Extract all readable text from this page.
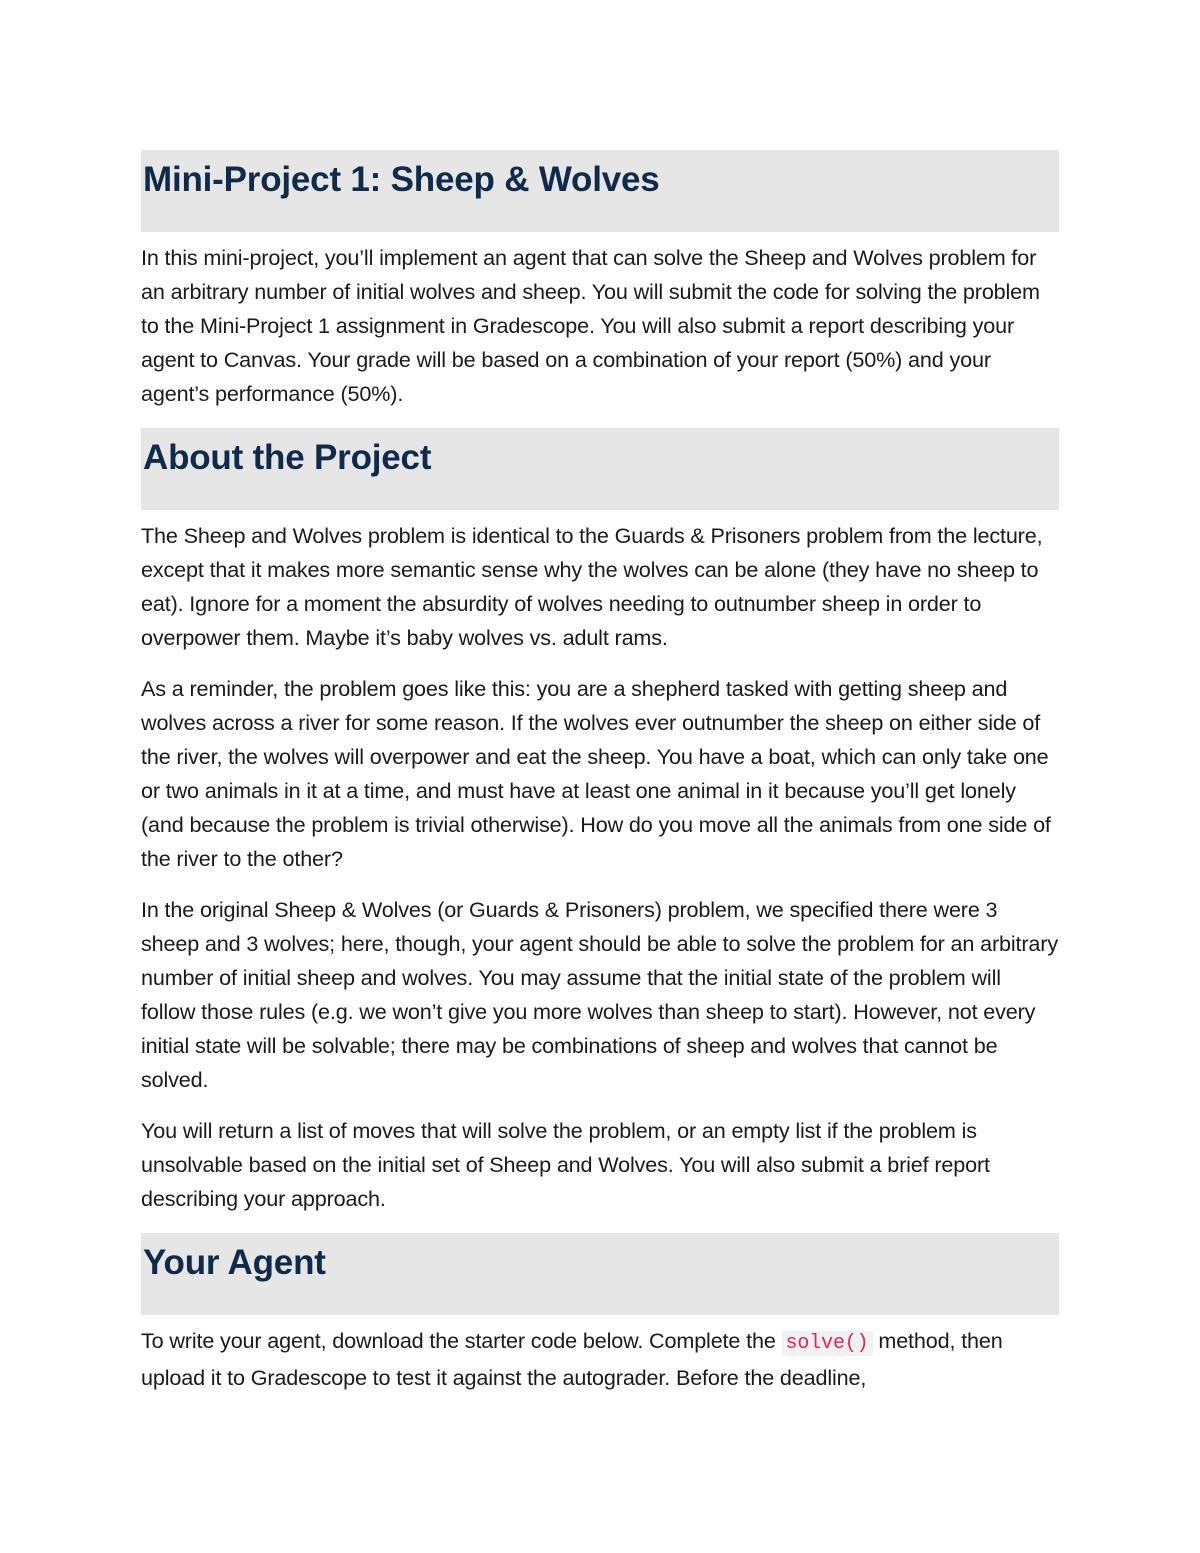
Mini-Project 1: Sheep & Wolves

In this mini-project, you’ll implement an agent that can solve the Sheep and Wolves problem for an arbitrary number of initial wolves and sheep. You will submit the code for solving the problem to the Mini-Project 1 assignment in Gradescope. You will also submit a report describing your agent to Canvas. Your grade will be based on a combination of your report (50%) and your agent’s performance (50%).

About the Project

The Sheep and Wolves problem is identical to the Guards & Prisoners problem from the lecture, except that it makes more semantic sense why the wolves can be alone (they have no sheep to eat). Ignore for a moment the absurdity of wolves needing to outnumber sheep in order to overpower them. Maybe it’s baby wolves vs. adult rams.

As a reminder, the problem goes like this: you are a shepherd tasked with getting sheep and wolves across a river for some reason. If the wolves ever outnumber the sheep on either side of the river, the wolves will overpower and eat the sheep. You have a boat, which can only take one or two animals in it at a time, and must have at least one animal in it because you’ll get lonely (and because the problem is trivial otherwise). How do you move all the animals from one side of the river to the other?

In the original Sheep & Wolves (or Guards & Prisoners) problem, we specified there were 3 sheep and 3 wolves; here, though, your agent should be able to solve the problem for an arbitrary number of initial sheep and wolves. You may assume that the initial state of the problem will follow those rules (e.g. we won’t give you more wolves than sheep to start). However, not every initial state will be solvable; there may be combinations of sheep and wolves that cannot be solved.

You will return a list of moves that will solve the problem, or an empty list if the problem is unsolvable based on the initial set of Sheep and Wolves. You will also submit a brief report describing your approach.

Your Agent

To write your agent, download the starter code below. Complete the solve() method, then upload it to Gradescope to test it against the autograder. Before the deadline,
